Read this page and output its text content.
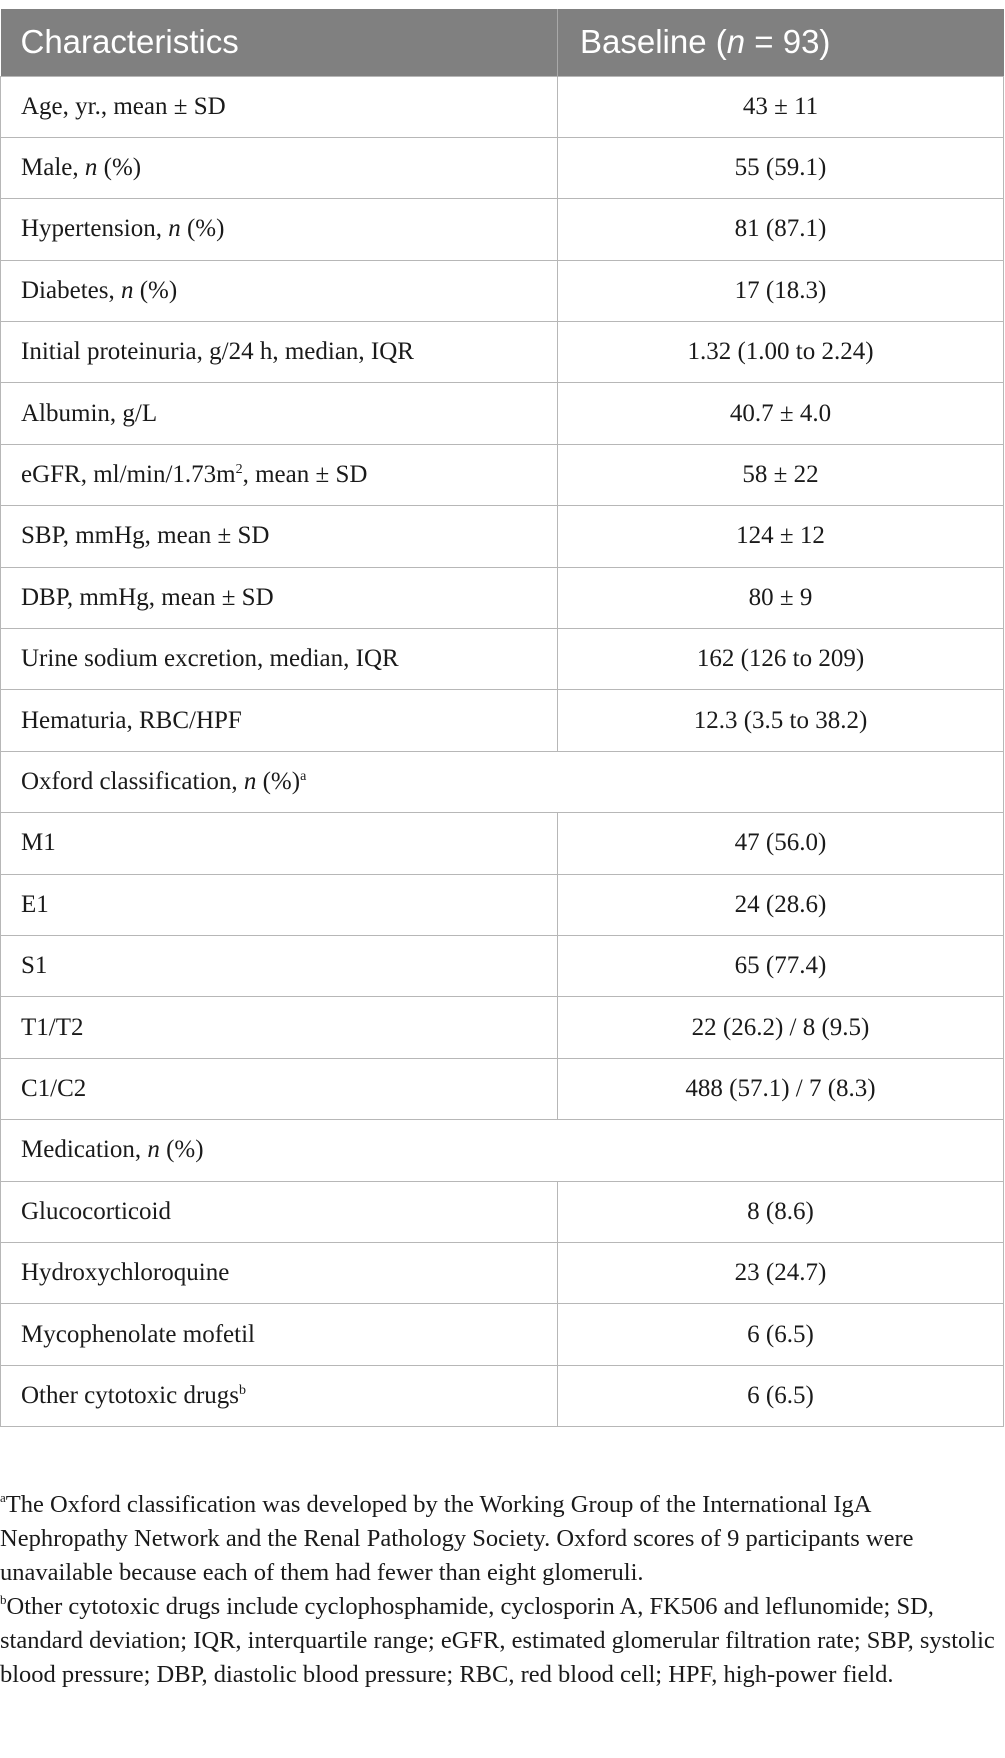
Characteristics	Baseline (n = 93)
Age, yr., mean ± SD	43 ± 11
Male, n (%)	55 (59.1)
Hypertension, n (%)	81 (87.1)
Diabetes, n (%)	17 (18.3)
Initial proteinuria, g/24 h, median, IQR	1.32 (1.00 to 2.24)
Albumin, g/L	40.7 ± 4.0
eGFR, $ml/\min/1.73m^2$, mean ± SD	58 ± 22
SBP, mmHg, mean ± SD	124 ± 12
DBP, mmHg, mean ± SD	80 ± 9
Urine sodium excretion, median, IQR	162 (126 to 209)
Hematuria, RBC/HPF	12.3 (3.5 to 38.2)
Oxford classification, n (%)$^a$
M1	47 (56.0)
E1	24 (28.6)
S1	65 (77.4)
T1/T2	22 (26.2) / 8 (9.5)
C1/C2	488 (57.1) / 7 (8.3)
Medication, n (%)	
Glucocorticoid	8 (8.6)
Hydroxychloroquine	23 (24.7)
Mycophenolate mofetil	6 (6.5)
Other cytotoxic drugs$^b$	6 (6.5)

$^a$The Oxford classification was developed by the Working Group of the International IgA Nephropathy Network and the Renal Pathology Society. Oxford scores of 9 participants were unavailable because each of them had fewer than eight glomeruli.

$^b$Other cytotoxic drugs include cyclophosphamide, cyclosporin A, FK506 and leflunomide; SD, standard deviation; IQR, interquartile range; eGFR, estimated glomerular filtration rate; SBP, systolic blood pressure; DBP, diastolic blood pressure; RBC, red blood cell; HPF, high-power field.
